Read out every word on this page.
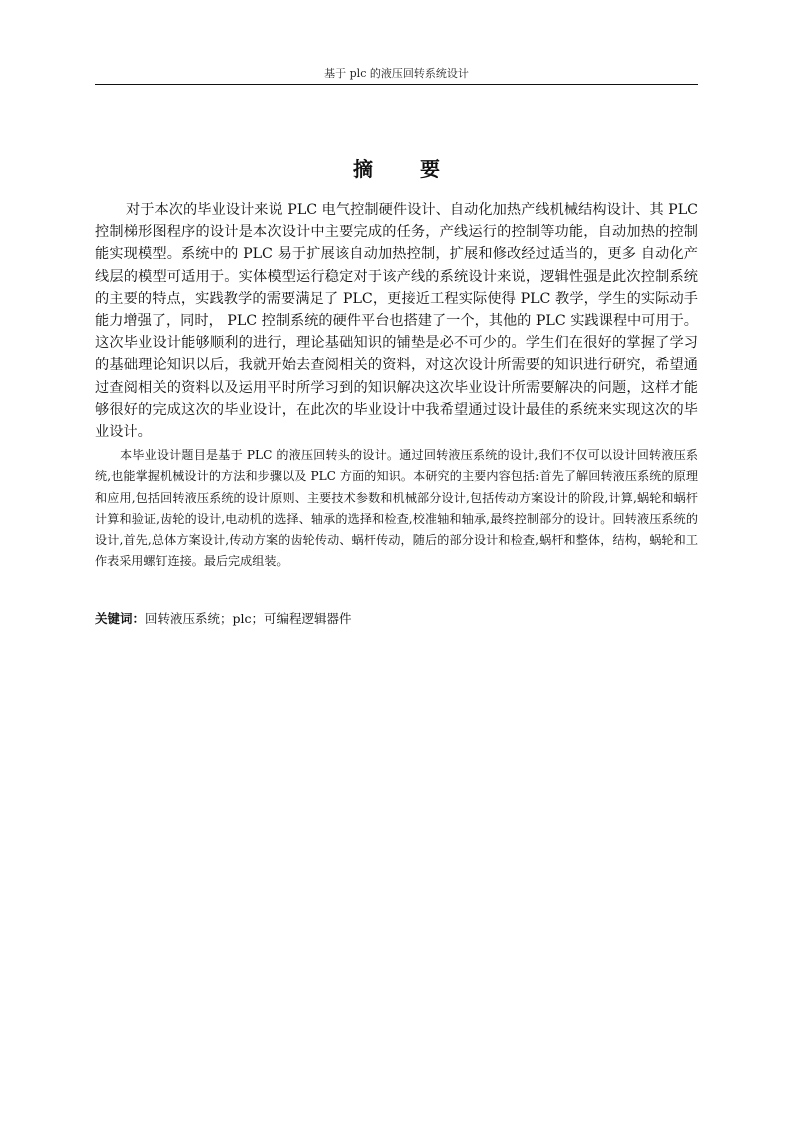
基于 plc 的液压回转系统设计
摘 要

对于本次的毕业设计来说 PLC 电气控制硬件设计、自动化加热产线机械结构设计、其 PLC 控制梯形图程序的设计是本次设计中主要完成的任务，产线运行的控制等功能，自动加热的控制能实现模型。系统中的 PLC 易于扩展该自动加热控制，扩展和修改经过适当的，更多 自动化产线层的模型可适用于。实体模型运行稳定对于该产线的系统设计来说，逻辑性强是此次控制系统的主要的特点，实践教学的需要满足了 PLC，更接近工程实际使得 PLC 教学，学生的实际动手能力增强了，同时， PLC 控制系统的硬件平台也搭建了一个，其他的 PLC 实践课程中可用于。这次毕业设计能够顺利的进行，理论基础知识的铺垫是必不可少的。学生们在很好的掌握了学习的基础理论知识以后，我就开始去查阅相关的资料，对这次设计所需要的知识进行研究，希望通过查阅相关的资料以及运用平时所学习到的知识解决这次毕业设计所需要解决的问题，这样才能够很好的完成这次的毕业设计，在此次的毕业设计中我希望通过设计最佳的系统来实现这次的毕业设计。

本毕业设计题目是基于 PLC 的液压回转头的设计。通过回转液压系统的设计,我们不仅可以设计回转液压系统,也能掌握机械设计的方法和步骤以及 PLC 方面的知识。本研究的主要内容包括:首先了解回转液压系统的原理和应用,包括回转液压系统的设计原则、主要技术参数和机械部分设计,包括传动方案设计的阶段,计算,蜗轮和蜗杆计算和验证,齿轮的设计,电动机的选择、轴承的选择和检查,校准轴和轴承,最终控制部分的设计。回转液压系统的设计,首先,总体方案设计,传动方案的齿轮传动、蜗杆传动，随后的部分设计和检查,蜗杆和整体，结构，蜗轮和工作表采用螺钉连接。最后完成组装。

关键词：回转液压系统；plc；可编程逻辑器件
